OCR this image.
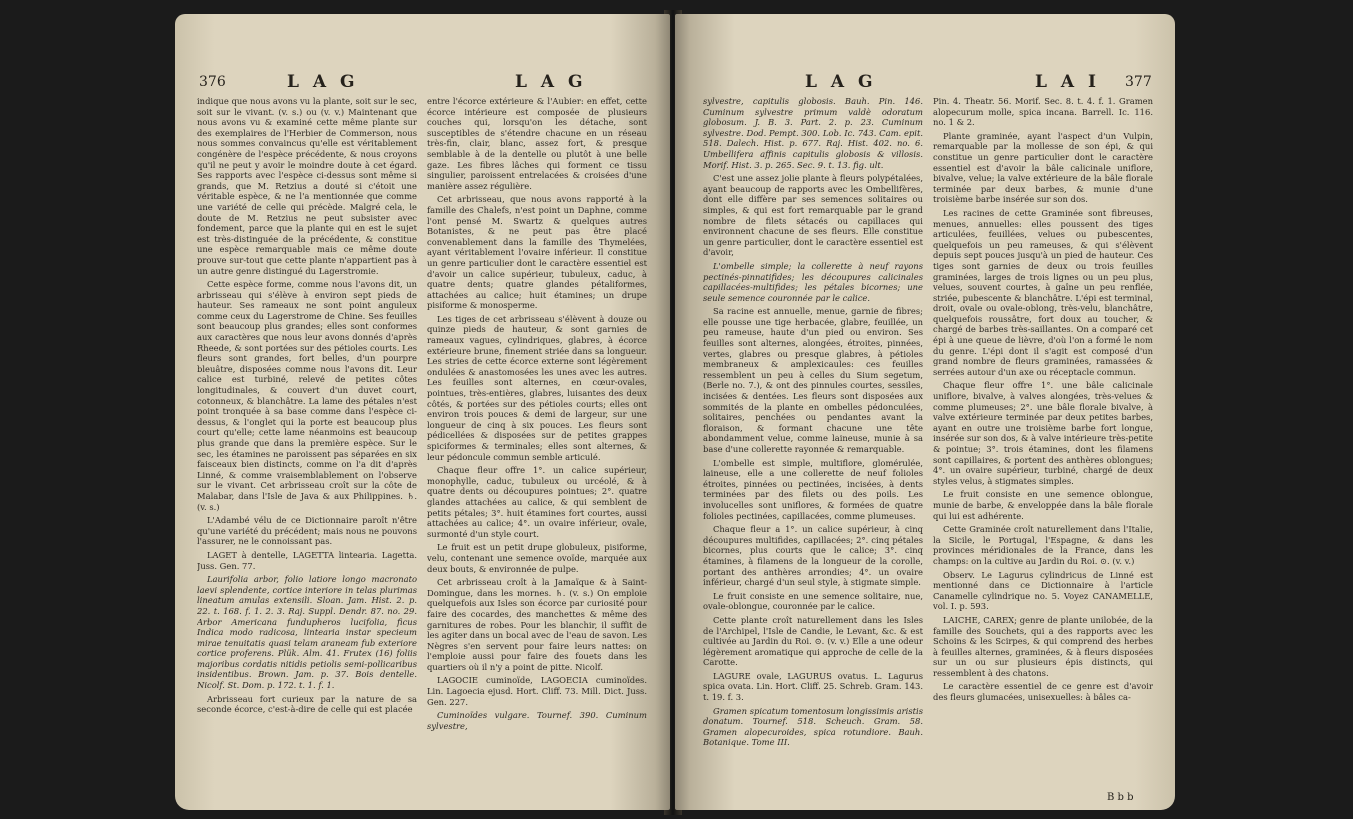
376	L A G	L A G

indique que nous avons vu la plante, soit sur le sec, soit sur le vivant. (v. s.) ou (v. v.) Maintenant que nous avons vu & examiné cette même plante sur des exemplaires de l'Herbier de Commerson, nous nous sommes convaincus qu'elle est véritablement congénère de l'espèce précédente, & nous croyons qu'il ne peut y avoir le moindre doute à cet égard. Ses rapports avec l'espèce ci-dessus sont même si grands, que M. Retzius a douté si c'étoit une véritable espèce, & ne l'a mentionnée que comme une variété de celle qui précède. Malgré cela, le doute de M. Retzius ne peut subsister avec fondement, parce que la plante qui en est le sujet est très-distinguée de la précédente, & constitue une espèce remarquable mais ce même doute prouve sur-tout que cette plante n'appartient pas à un autre genre distingué du Lagerstromie.

Cette espèce forme, comme nous l'avons dit, un arbrisseau qui s'élève à environ sept pieds de hauteur. Ses rameaux ne sont point anguleux comme ceux du Lagerstrome de Chine. Ses feuilles sont beaucoup plus grandes; elles sont conformes aux caractères que nous leur avons donnés d'après Rheede, & sont portées sur des pétioles courts. Les fleurs sont grandes, fort belles, d'un pourpre bleuâtre, disposées comme nous l'avons dit. Leur calice est turbiné, relevé de petites côtes longitudinales, & couvert d'un duvet court, cotonneux, & blanchâtre. La lame des pétales n'est point tronquée à sa base comme dans l'espèce ci-dessus, & l'onglet qui la porte est beaucoup plus court qu'elle; cette lame néanmoins est beaucoup plus grande que dans la première espèce. Sur le sec, les étamines ne paroissent pas séparées en six faisceaux bien distincts, comme on l'a dit d'après Linné, & comme vraisemblablement on l'observe sur le vivant. Cet arbrisseau croît sur la côte de Malabar, dans l'Isle de Java & aux Philippines. ♄. (v. s.)

L'Adambé vélu de ce Dictionnaire paroît n'être qu'une variété du précédent; mais nous ne pouvons l'assurer, ne le connoissant pas.

LAGET à dentelle, LAGETTA lintearia. Lagetta. Juss. Gen. 77.

Laurifolia arbor, folio latiore longo macronato laevi splendente, cortice interiore in telas plurimas lineatum amulas extensili. Sloan. Jam. Hist. 2. p. 22. t. 168. f. 1. 2. 3. Raj. Suppl. Dendr. 87. no. 29. Arbor Americana fundupheros lucifolia, ficus Indica modo radicosa, lintearia instar specieum mirae tenuitatis quasi telam araneam fub exteriore cortice proferens. Plük. Alm. 41. Frutex (16) foliis majoribus cordatis nitidis petiolis semi-pollicaribus insidentibus. Brown. Jam. p. 37. Bois dentelle. Nicolf. St. Dom. p. 172. t. 1. f. 1.

Arbrisseau fort curieux par la nature de sa seconde écorce, c'est-à-dire de celle qui est placée

entre l'écorce extérieure & l'Aubier: en effet, cette écorce intérieure est composée de plusieurs couches qui, lorsqu'on les détache, sont susceptibles de s'étendre chacune en un réseau très-fin, clair, blanc, assez fort, & presque semblable à de la dentelle ou plutôt à une belle gaze. Les fibres lâches qui forment ce tissu singulier, paroissent entrelacées & croisées d'une manière assez régulière.

Cet arbrisseau, que nous avons rapporté à la famille des Chalefs, n'est point un Daphne, comme l'ont pensé M. Swartz & quelques autres Botanistes, & ne peut pas être placé convenablement dans la famille des Thymelées, ayant véritablement l'ovaire inférieur. Il constitue un genre particulier dont le caractère essentiel est d'avoir un calice supérieur, tubuleux, caduc, à quatre dents; quatre glandes pétaliformes, attachées au calice; huit étamines; un drupe pisiforme & monosperme.

Les tiges de cet arbrisseau s'élèvent à douze ou quinze pieds de hauteur, & sont garnies de rameaux vagues, cylindriques, glabres, à écorce extérieure brune, finement striée dans sa longueur. Les stries de cette écorce externe sont légèrement ondulées & anastomosées les unes avec les autres. Les feuilles sont alternes, en cœur-ovales, pointues, très-entières, glabres, luisantes des deux côtés, & portées sur des pétioles courts; elles ont environ trois pouces & demi de largeur, sur une longueur de cinq à six pouces. Les fleurs sont pédicellées & disposées sur de petites grappes spiciformes & terminales; elles sont alternes, & leur pédoncule commun semble articulé.

Chaque fleur offre 1°. un calice supérieur, monophylle, caduc, tubuleux ou urcéolé, & à quatre dents ou découpures pointues; 2°. quatre glandes attachées au calice, & qui semblent de petits pétales; 3°. huit étamines fort courtes, aussi attachées au calice; 4°. un ovaire inférieur, ovale, surmonté d'un style court.

Le fruit est un petit drupe globuleux, pisiforme, velu, contenant une semence ovoïde, marquée aux deux bouts, & environnée de pulpe.

Cet arbrisseau croît à la Jamaïque & à Saint-Domingue, dans les mornes. ♄. (v. s.) On emploie quelquefois aux Isles son écorce par curiosité pour faire des cocardes, des manchettes & même des garnitures de robes. Pour les blanchir, il suffit de les agiter dans un bocal avec de l'eau de savon. Les Nègres s'en servent pour faire leurs nattes: on l'emploie aussi pour faire des fouets dans les quartiers où il n'y a point de pitte. Nicolf.

LAGOCIE cuminoïde, LAGOECIA cuminoïdes. Lin. Lagoecia ejusd. Hort. Cliff. 73. Mill. Dict. Juss. Gen. 227.

Cuminoïdes vulgare. Tournef. 390. Cuminum sylvestre,

L A G	L A I 377

sylvestre, capitulis globosis. Bauh. Pin. 146. Cuminum sylvestre primum valdè odoratum globosum. J. B. 3. Part. 2. p. 23. Cuminum sylvestre. Dod. Pempt. 300. Lob. Ic. 743. Cam. epit. 518. Dalech. Hist. p. 677. Raj. Hist. 402. no. 6. Umbellifera affinis capitulis globosis & villosis. Morif. Hist. 3. p. 265. Sec. 9. t. 13. fig. ult.

C'est une assez jolie plante à fleurs polypétalées, ayant beaucoup de rapports avec les Ombellifères, dont elle diffère par ses semences solitaires ou simples, & qui est fort remarquable par le grand nombre de filets sétacés ou capillaces qui environnent chacune de ses fleurs. Elle constitue un genre particulier, dont le caractère essentiel est d'avoir,

L'ombelle simple; la collerette à neuf rayons pectinés-pinnatifides; les découpures calicinales capillacées-multifides; les pétales bicornes; une seule semence couronnée par le calice.

Sa racine est annuelle, menue, garnie de fibres; elle pousse une tige herbacée, glabre, feuillée, un peu rameuse, haute d'un pied ou environ. Ses feuilles sont alternes, alongées, étroites, pinnées, vertes, glabres ou presque glabres, à pétioles membraneux & amplexicaules: ces feuilles ressemblent un peu à celles du Sium segetum, (Berle no. 7.), & ont des pinnules courtes, sessiles, incisées & dentées. Les fleurs sont disposées aux sommités de la plante en ombelles pédonculées, solitaires, penchées ou pendantes avant la floraison, & formant chacune une tête abondamment velue, comme laineuse, munie à sa base d'une collerette rayonnée & remarquable.

L'ombelle est simple, multiflore, glomérulée, laineuse, elle a une collerette de neuf folioles étroites, pinnées ou pectinées, incisées, à dents terminées par des filets ou des poils. Les involucelles sont uniflores, & formées de quatre folioles pectinées, capillacées, comme plumeuses.

Chaque fleur a 1°. un calice supérieur, à cinq découpures multifides, capillacées; 2°. cinq pétales bicornes, plus courts que le calice; 3°. cinq étamines, à filamens de la longueur de la corolle, portant des anthères arrondies; 4°. un ovaire inférieur, chargé d'un seul style, à stigmate simple.

Le fruit consiste en une semence solitaire, nue, ovale-oblongue, couronnée par le calice.

Cette plante croît naturellement dans les Isles de l'Archipel, l'Isle de Candie, le Levant, &c. & est cultivée au Jardin du Roi. ⊙. (v. v.) Elle a une odeur légèrement aromatique qui approche de celle de la Carotte.

LAGURE ovale, LAGURUS ovatus. L. Lagurus spica ovata. Lin. Hort. Cliff. 25. Schreb. Gram. 143. t. 19. f. 3.

Gramen spicatum tomentosum longissimis aristis donatum. Tournef. 518. Scheuch. Gram. 58. Gramen alopecuroides, spica rotundiore. Bauh. Botanique. Tome III.

Pin. 4. Theatr. 56. Morif. Sec. 8. t. 4. f. 1. Gramen alopecurum molle, spica incana. Barrell. Ic. 116. no. 1 & 2.

Plante graminée, ayant l'aspect d'un Vulpin, remarquable par la mollesse de son épi, & qui constitue un genre particulier dont le caractère essentiel est d'avoir la bâle calicinale uniflore, bivalve, velue; la valve extérieure de la bâle florale terminée par deux barbes, & munie d'une troisième barbe insérée sur son dos.

Les racines de cette Graminée sont fibreuses, menues, annuelles: elles poussent des tiges articulées, feuillées, velues ou pubescentes, quelquefois un peu rameuses, & qui s'élèvent depuis sept pouces jusqu'à un pied de hauteur. Ces tiges sont garnies de deux ou trois feuilles graminées, larges de trois lignes ou un peu plus, velues, souvent courtes, à gaîne un peu renflée, striée, pubescente & blanchâtre. L'épi est terminal, droit, ovale ou ovale-oblong, très-velu, blanchâtre, quelquefois roussâtre, fort doux au toucher, & chargé de barbes très-saillantes. On a comparé cet épi à une queue de lièvre, d'où l'on a formé le nom du genre. L'épi dont il s'agit est composé d'un grand nombre de fleurs graminées, ramassées & serrées autour d'un axe ou réceptacle commun.

Chaque fleur offre 1°. une bâle calicinale uniflore, bivalve, à valves alongées, très-velues & comme plumeuses; 2°. une bâle florale bivalve, à valve extérieure terminée par deux petites barbes, ayant en outre une troisième barbe fort longue, insérée sur son dos, & à valve intérieure très-petite & pointue; 3°. trois étamines, dont les filamens sont capillaires, & portent des anthères oblongues; 4°. un ovaire supérieur, turbiné, chargé de deux styles velus, à stigmates simples.

Le fruit consiste en une semence oblongue, munie de barbe, & enveloppée dans la bâle florale qui lui est adhérente.

Cette Graminée croît naturellement dans l'Italie, la Sicile, le Portugal, l'Espagne, & dans les provinces méridionales de la France, dans les champs: on la cultive au Jardin du Roi. ⊙. (v. v.)

Observ. Le Lagurus cylindricus de Linné est mentionné dans ce Dictionnaire à l'article Canamelle cylindrique no. 5. Voyez CANAMELLE, vol. I. p. 593.

LAICHE, CAREX; genre de plante unilobée, de la famille des Souchets, qui a des rapports avec les Schoins & les Scirpes, & qui comprend des herbes à feuilles alternes, graminées, & à fleurs disposées sur un ou sur plusieurs épis distincts, qui ressemblent à des chatons.

Le caractère essentiel de ce genre est d'avoir des fleurs glumacées, unisexuelles: à bâles ca-

B b b
